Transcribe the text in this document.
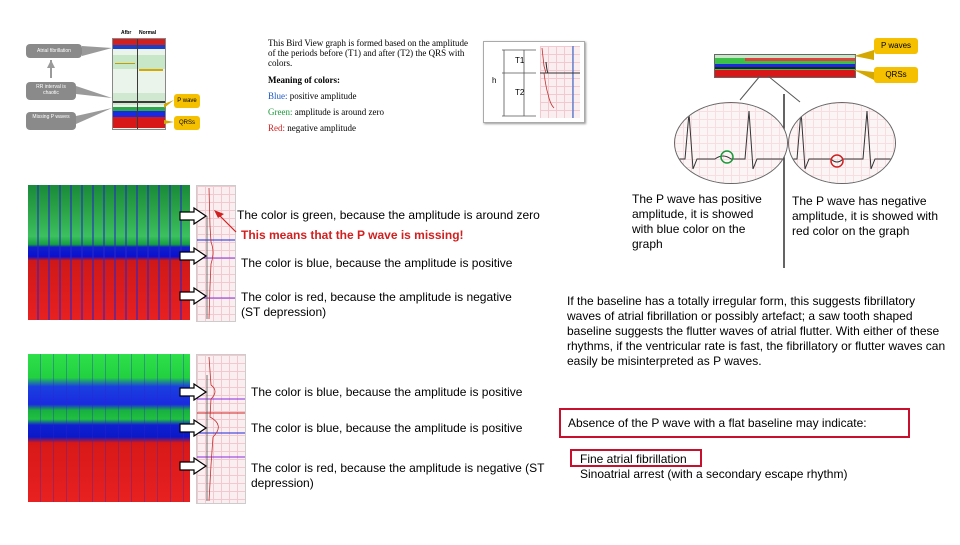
Afbr Normal
Atrial fibrillation
RR interval is chaotic
Missing P waves
P wave
QRSs
This Bird View graph is formed based on the amplitude of the periods before (T1) and after (T2) the QRS with colors.
Meaning of colors:
Blue: positive amplitude
Green: amplitude is around zero
Red: negative amplitude
T1
T2
h
P waves
QRSs
The P wave has positive amplitude, it is showed with blue color on the graph
The P wave has negative amplitude, it is showed with red color on the graph
The color is green, because the amplitude is around zero
This means that the P wave is missing!
The color is blue, because the amplitude is positive
The color is red, because the amplitude is negative (ST depression)
The color is blue, because the amplitude is positive
The color is blue, because the amplitude is positive
The color is red, because the amplitude is negative (ST depression)
If the baseline has a totally irregular form, this suggests fibrillatory waves of atrial fibrillation or possibly artefact; a saw tooth shaped baseline suggests the flutter waves of atrial flutter. With either of these rhythms, if the ventricular rate is fast, the fibrillatory or flutter waves can easily be misinterpreted as P waves.
Absence of the P wave with a flat baseline may indicate:
Fine atrial fibrillation
Sinoatrial arrest (with a secondary escape rhythm)
